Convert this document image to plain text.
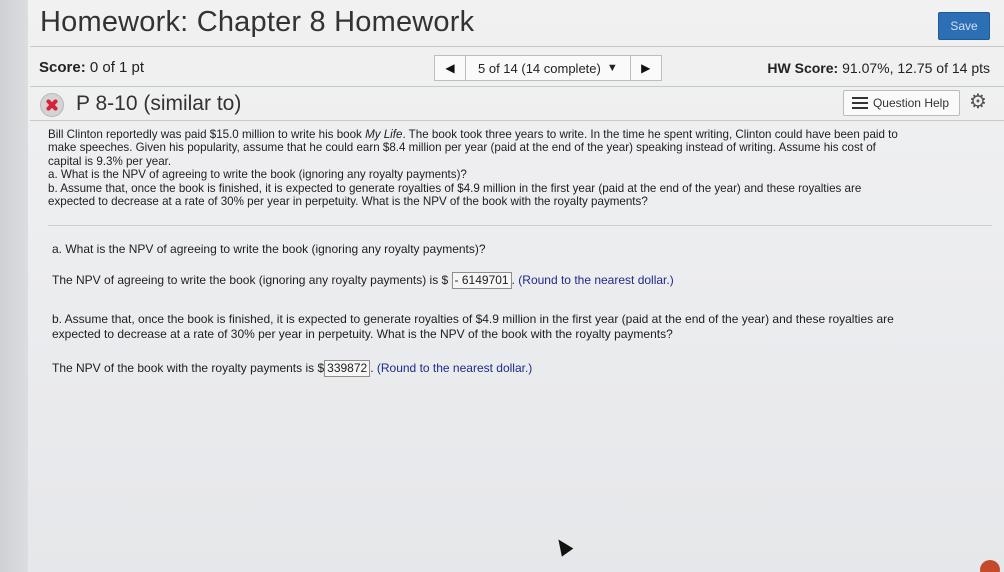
Homework: Chapter 8 Homework	Save
Score: 0 of 1 pt	◀ 5 of 14 (14 complete) ▼ ▶	HW Score: 91.07%, 12.75 of 14 pts
P 8-10 (similar to)	Question Help ⚙

Bill Clinton reportedly was paid $15.0 million to write his book My Life. The book took three years to write. In the time he spent writing, Clinton could have been paid to

make speeches. Given his popularity, assume that he could earn $8.4 million per year (paid at the end of the year) speaking instead of writing. Assume his cost of

capital is 9.3% per year.

a. What is the NPV of agreeing to write the book (ignoring any royalty payments)?

b. Assume that, once the book is finished, it is expected to generate royalties of $4.9 million in the first year (paid at the end of the year) and these royalties are

expected to decrease at a rate of 30% per year in perpetuity. What is the NPV of the book with the royalty payments?

a. What is the NPV of agreeing to write the book (ignoring any royalty payments)?
The NPV of agreeing to write the book (ignoring any royalty payments) is $ - 6149701 . (Round to the nearest dollar.)
b. Assume that, once the book is finished, it is expected to generate royalties of $4.9 million in the first year (paid at the end of the year) and these royalties are
expected to decrease at a rate of 30% per year in perpetuity. What is the NPV of the book with the royalty payments?
The NPV of the book with the royalty payments is $ 339872 . (Round to the nearest dollar.)
